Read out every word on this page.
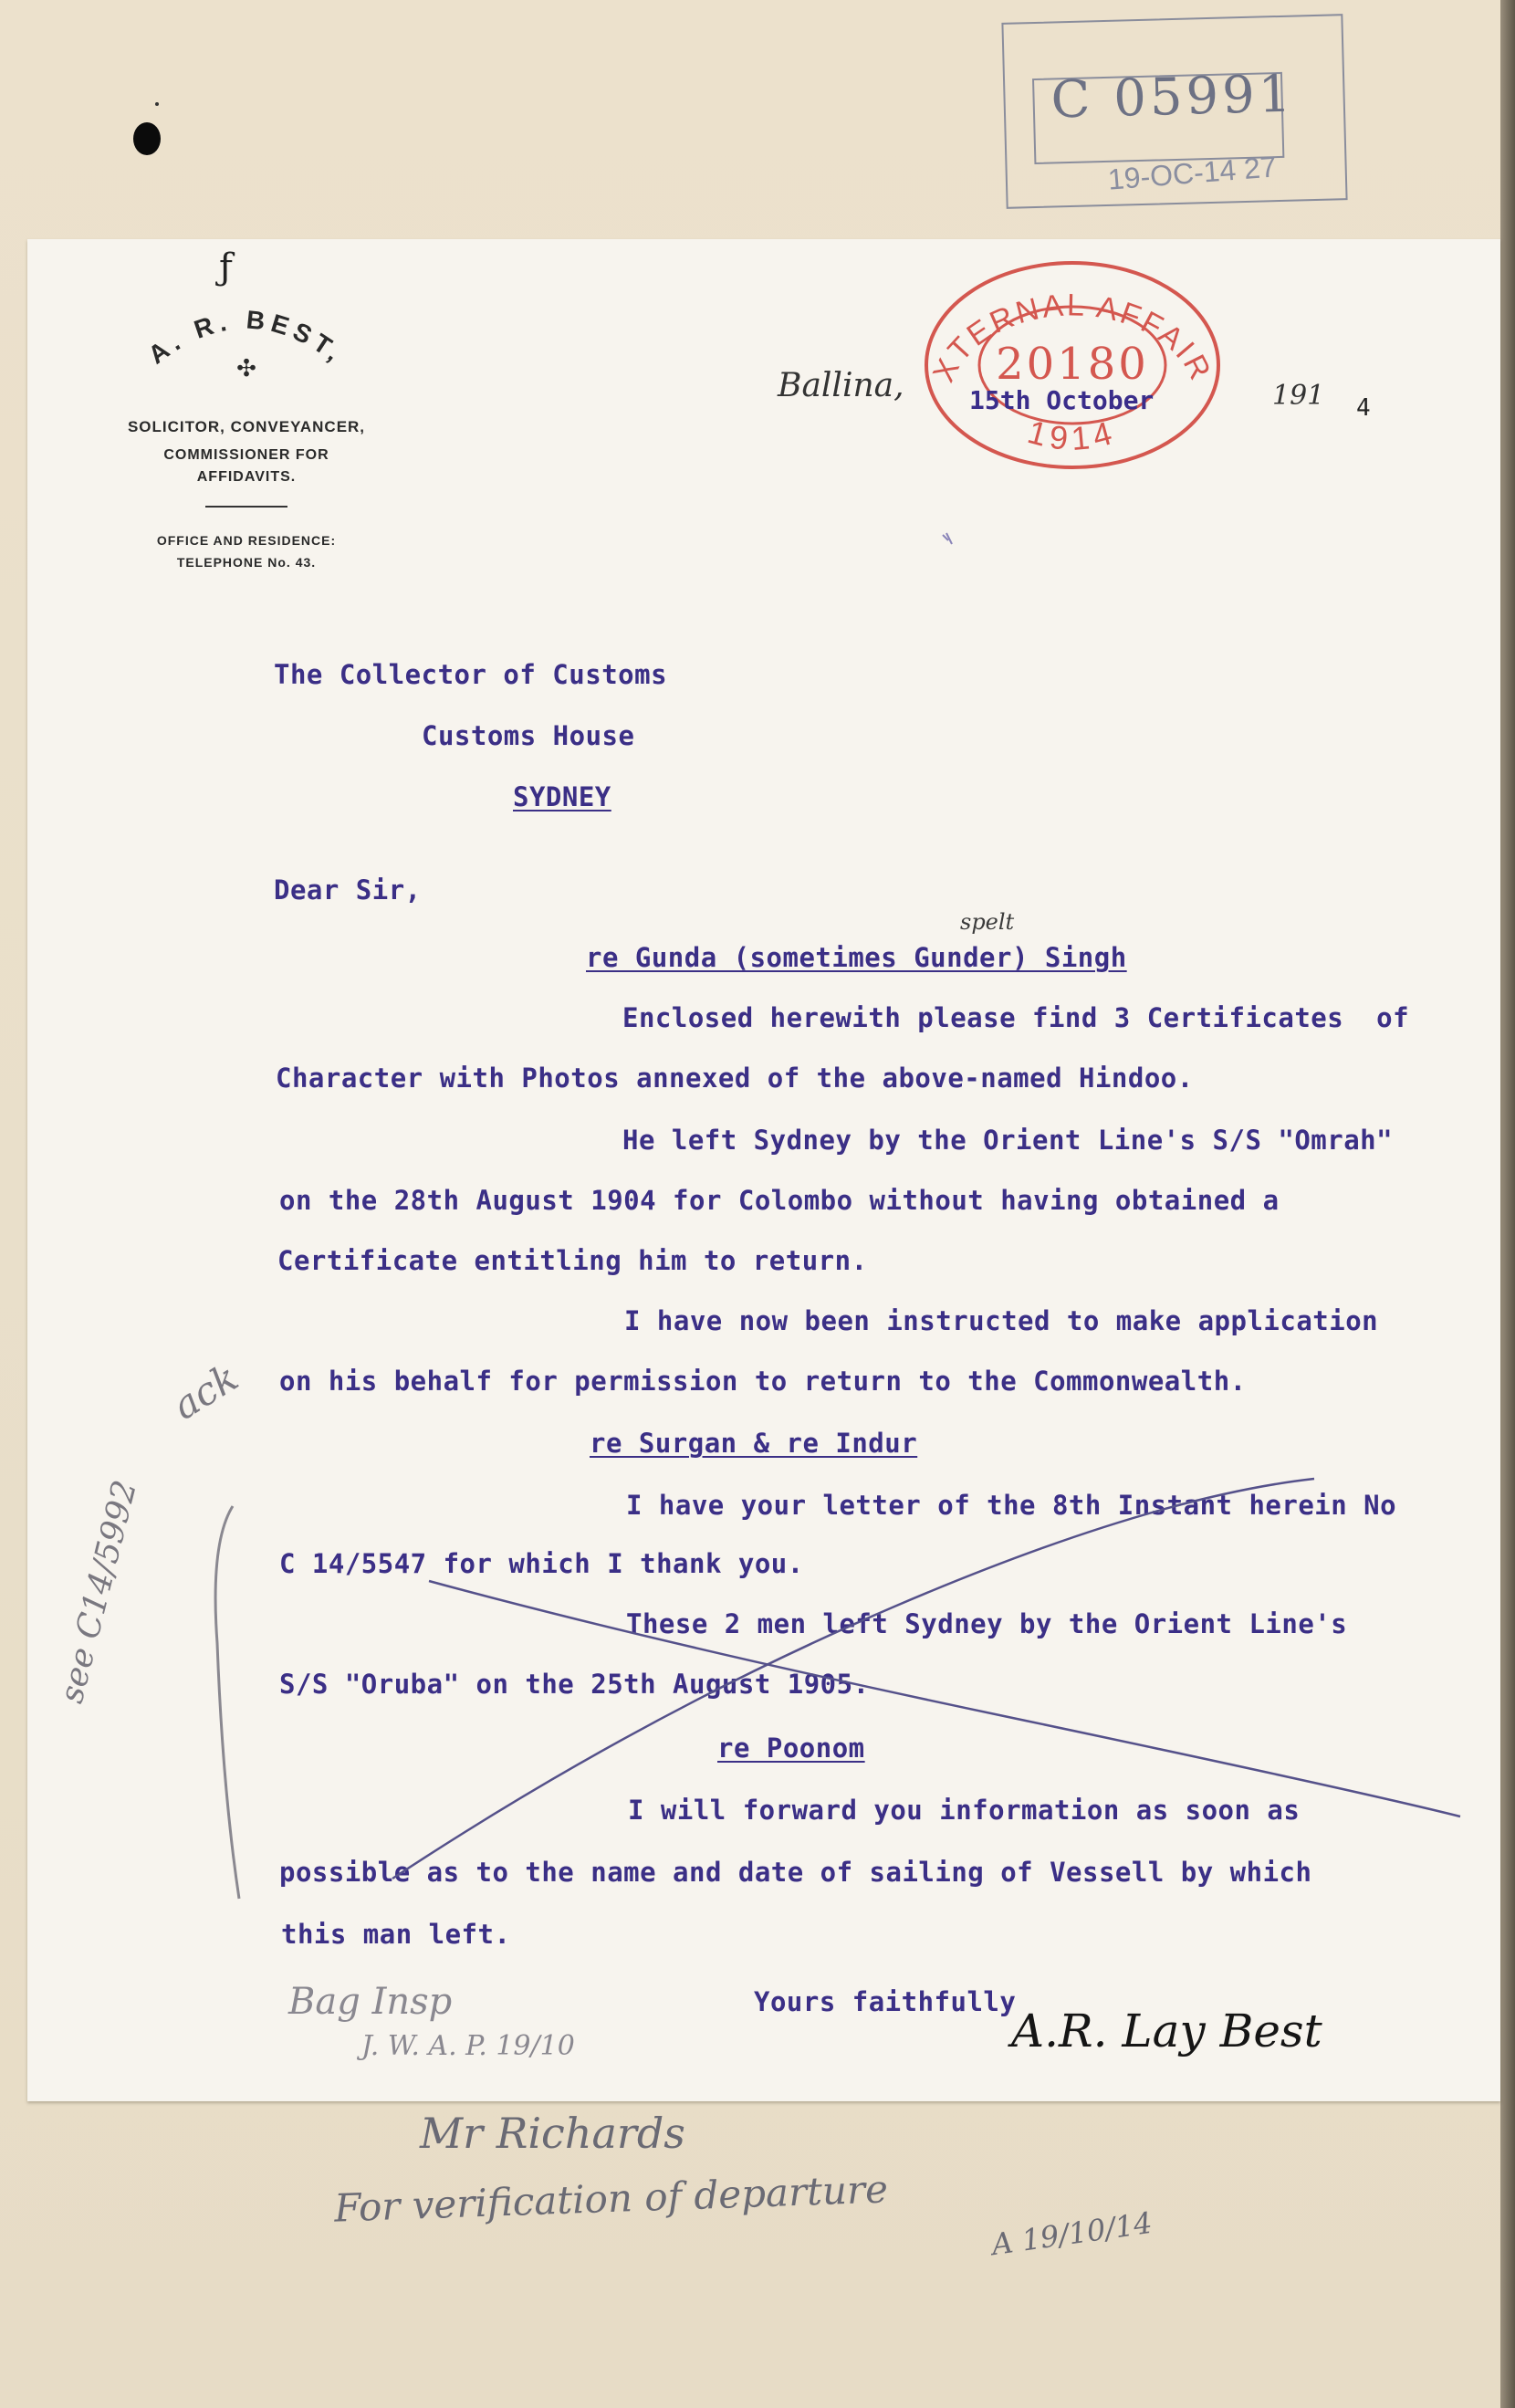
C 05991
19-OC-14 27
ƒ
A. R. BEST,
✣
SOLICITOR, CONVEYANCER,
COMMISSIONER FOR
AFFIDAVITS.
OFFICE AND RESIDENCE:
TELEPHONE No. 43.
XTERNAL AFFAIR
20180
1914
Ballina,	15th October	191 4
The Collector of Customs
Customs House
SYDNEY
Dear Sir,
re Gunda (sometimes Gunder) Singh
spelt
Enclosed herewith please find 3 Certificates  of
Character with Photos annexed of the above-named Hindoo.
He left Sydney by the Orient Line's S/S "Omrah"
on the 28th August 1904 for Colombo without having obtained a
Certificate entitling him to return.
I have now been instructed to make application
on his behalf for permission to return to the Commonwealth.
re Surgan & re Indur
I have your letter of the 8th Instant herein No
C 14/5547 for which I thank you.
These 2 men left Sydney by the Orient Line's
S/S "Oruba" on the 25th August 1905.
re Poonom
I will forward you information as soon as
possible as to the name and date of sailing of Vessell by which
this man left.
Yours faithfully
ack
see C14/5992
Bag Insp
J. W. A. P. 19/10	A.R. Lay Best
Mr Richards
For verification of departure
A 19/10/14
